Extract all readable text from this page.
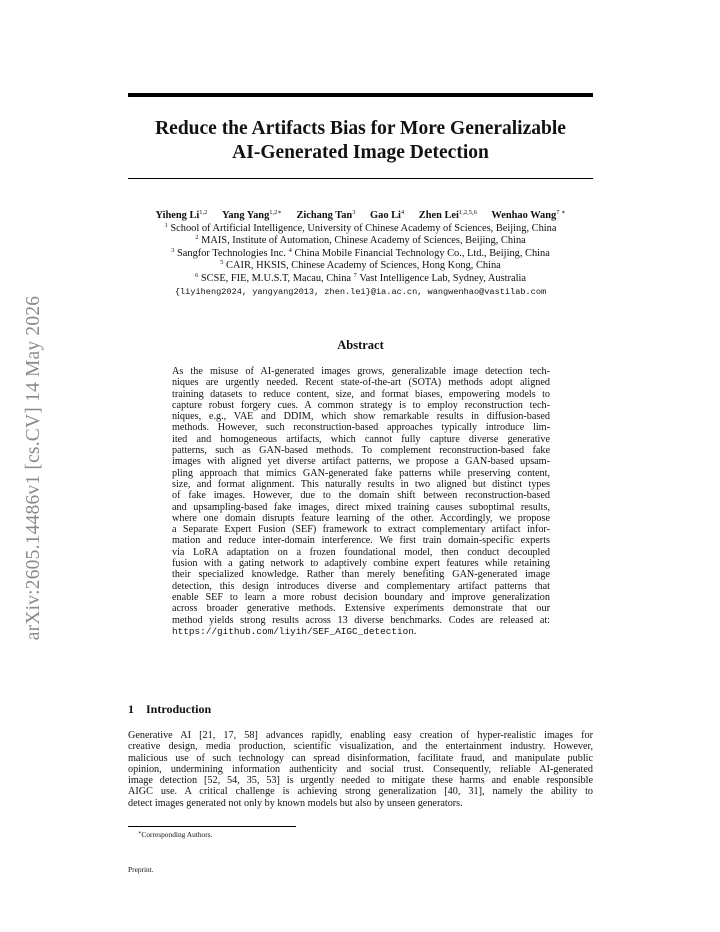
arXiv:2605.14486v1 [cs.CV] 14 May 2026
Reduce the Artifacts Bias for More Generalizable
AI-Generated Image Detection
Yiheng Li$^{1,2}$ Yang Yang$^{1,2∗}$ Zichang Tan$^3$ Gao Li$^4$ Zhen Lei$^{1,2,5,6}$ Wenhao Wang$^{7 ∗}$
$^1$ School of Artificial Intelligence, University of Chinese Academy of Sciences, Beijing, China
$^2$ MAIS, Institute of Automation, Chinese Academy of Sciences, Beijing, China
$^3$ Sangfor Technologies Inc. $^4$ China Mobile Financial Technology Co., Ltd., Beijing, China
$^5$ CAIR, HKSIS, Chinese Academy of Sciences, Hong Kong, China
$^6$ SCSE, FIE, M.U.S.T, Macau, China $^7$ Vast Intelligence Lab, Sydney, Australia
{liyiheng2024, yangyang2013, zhen.lei}@ia.ac.cn, wangwenhao@vastilab.com
Abstract
As the misuse of AI-generated images grows, generalizable image detection tech-
niques are urgently needed. Recent state-of-the-art (SOTA) methods adopt aligned
training datasets to reduce content, size, and format biases, empowering models to
capture robust forgery cues. A common strategy is to employ reconstruction tech-
niques, e.g., VAE and DDIM, which show remarkable results in diffusion-based
methods. However, such reconstruction-based approaches typically introduce lim-
ited and homogeneous artifacts, which cannot fully capture diverse generative
patterns, such as GAN-based methods. To complement reconstruction-based fake
images with aligned yet diverse artifact patterns, we propose a GAN-based upsam-
pling approach that mimics GAN-generated fake patterns while preserving content,
size, and format alignment. This naturally results in two aligned but distinct types
of fake images. However, due to the domain shift between reconstruction-based
and upsampling-based fake images, direct mixed training causes suboptimal results,
where one domain disrupts feature learning of the other. Accordingly, we propose
a Separate Expert Fusion (SEF) framework to extract complementary artifact infor-
mation and reduce inter-domain interference. We first train domain-specific experts
via LoRA adaptation on a frozen foundational model, then conduct decoupled
fusion with a gating network to adaptively combine expert features while retaining
their specialized knowledge. Rather than merely benefiting GAN-generated image
detection, this design introduces diverse and complementary artifact patterns that
enable SEF to learn a more robust decision boundary and improve generalization
across broader generative methods. Extensive experiments demonstrate that our
method yields strong results across 13 diverse benchmarks. Codes are released at:
https://github.com/liyih/SEF_AIGC_detection.
1 Introduction
Generative AI [21, 17, 58] advances rapidly, enabling easy creation of hyper-realistic images for
creative design, media production, scientific visualization, and the entertainment industry. However,
malicious use of such technology can spread disinformation, facilitate fraud, and manipulate public
opinion, undermining information authenticity and social trust. Consequently, reliable AI-generated
image detection [52, 54, 35, 53] is urgently needed to mitigate these harms and enable responsible
AIGC use. A critical challenge is achieving strong generalization [40, 31], namely the ability to
detect images generated not only by known models but also by unseen generators.
∗Corresponding Authors.
Preprint.
